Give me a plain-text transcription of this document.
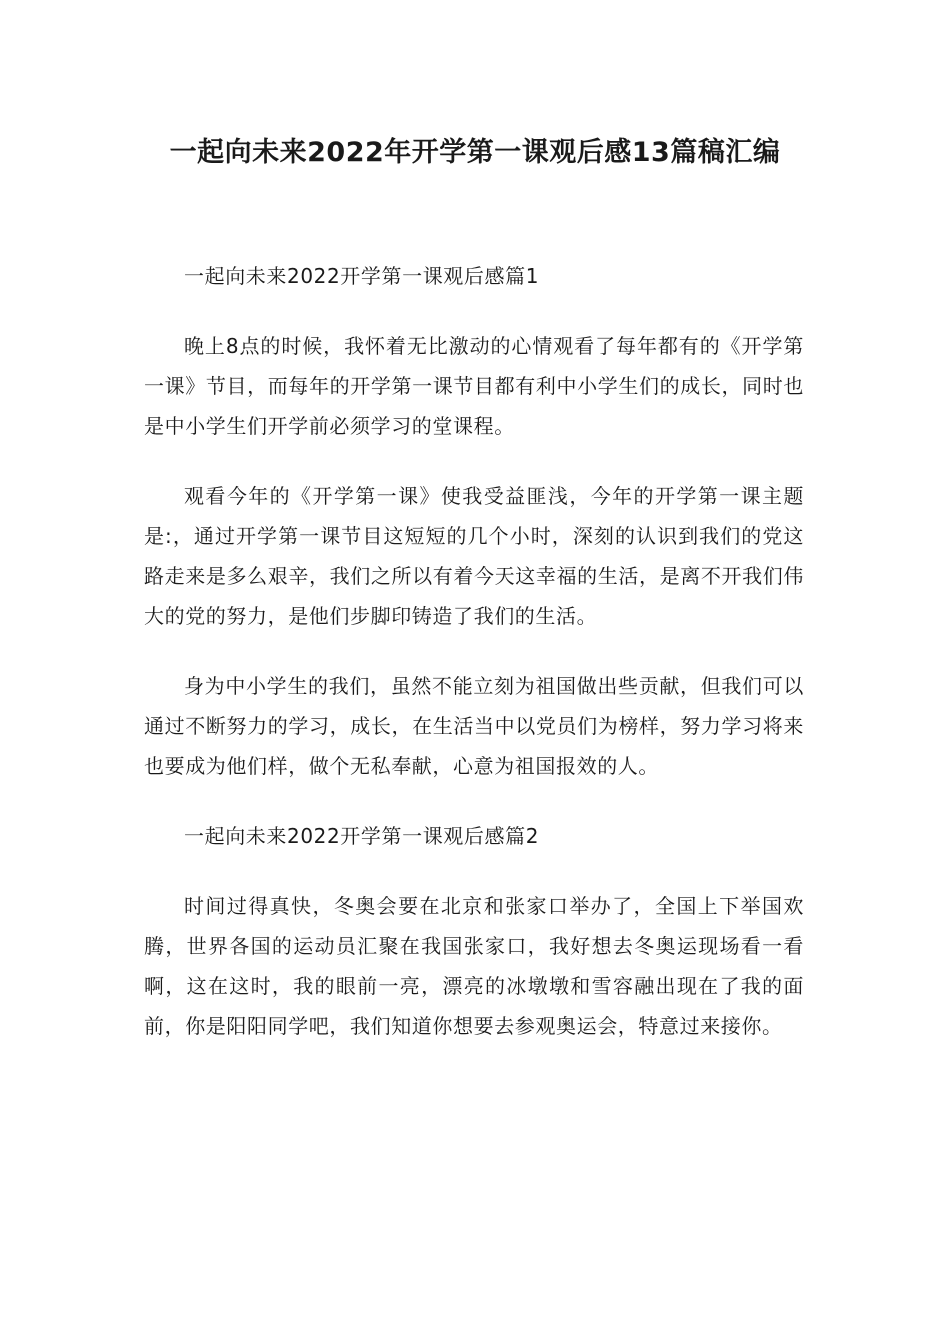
一起向未来2022年开学第一课观后感13篇稿汇编

一起向未来2022开学第一课观后感篇1

晚上8点的时候，我怀着无比激动的心情观看了每年都有的《开学第一课》节目，而每年的开学第一课节目都有利中小学生们的成长，同时也是中小学生们开学前必须学习的堂课程。

观看今年的《开学第一课》使我受益匪浅，今年的开学第一课主题是:，通过开学第一课节目这短短的几个小时，深刻的认识到我们的党这路走来是多么艰辛，我们之所以有着今天这幸福的生活，是离不开我们伟大的党的努力，是他们步脚印铸造了我们的生活。

身为中小学生的我们，虽然不能立刻为祖国做出些贡献，但我们可以通过不断努力的学习，成长，在生活当中以党员们为榜样，努力学习将来也要成为他们样，做个无私奉献，心意为祖国报效的人。

一起向未来2022开学第一课观后感篇2

时间过得真快，冬奥会要在北京和张家口举办了，全国上下举国欢腾，世界各国的运动员汇聚在我国张家口，我好想去冬奥运现场看一看啊，这在这时，我的眼前一亮，漂亮的冰墩墩和雪容融出现在了我的面前，你是阳阳同学吧，我们知道你想要去参观奥运会，特意过来接你。
